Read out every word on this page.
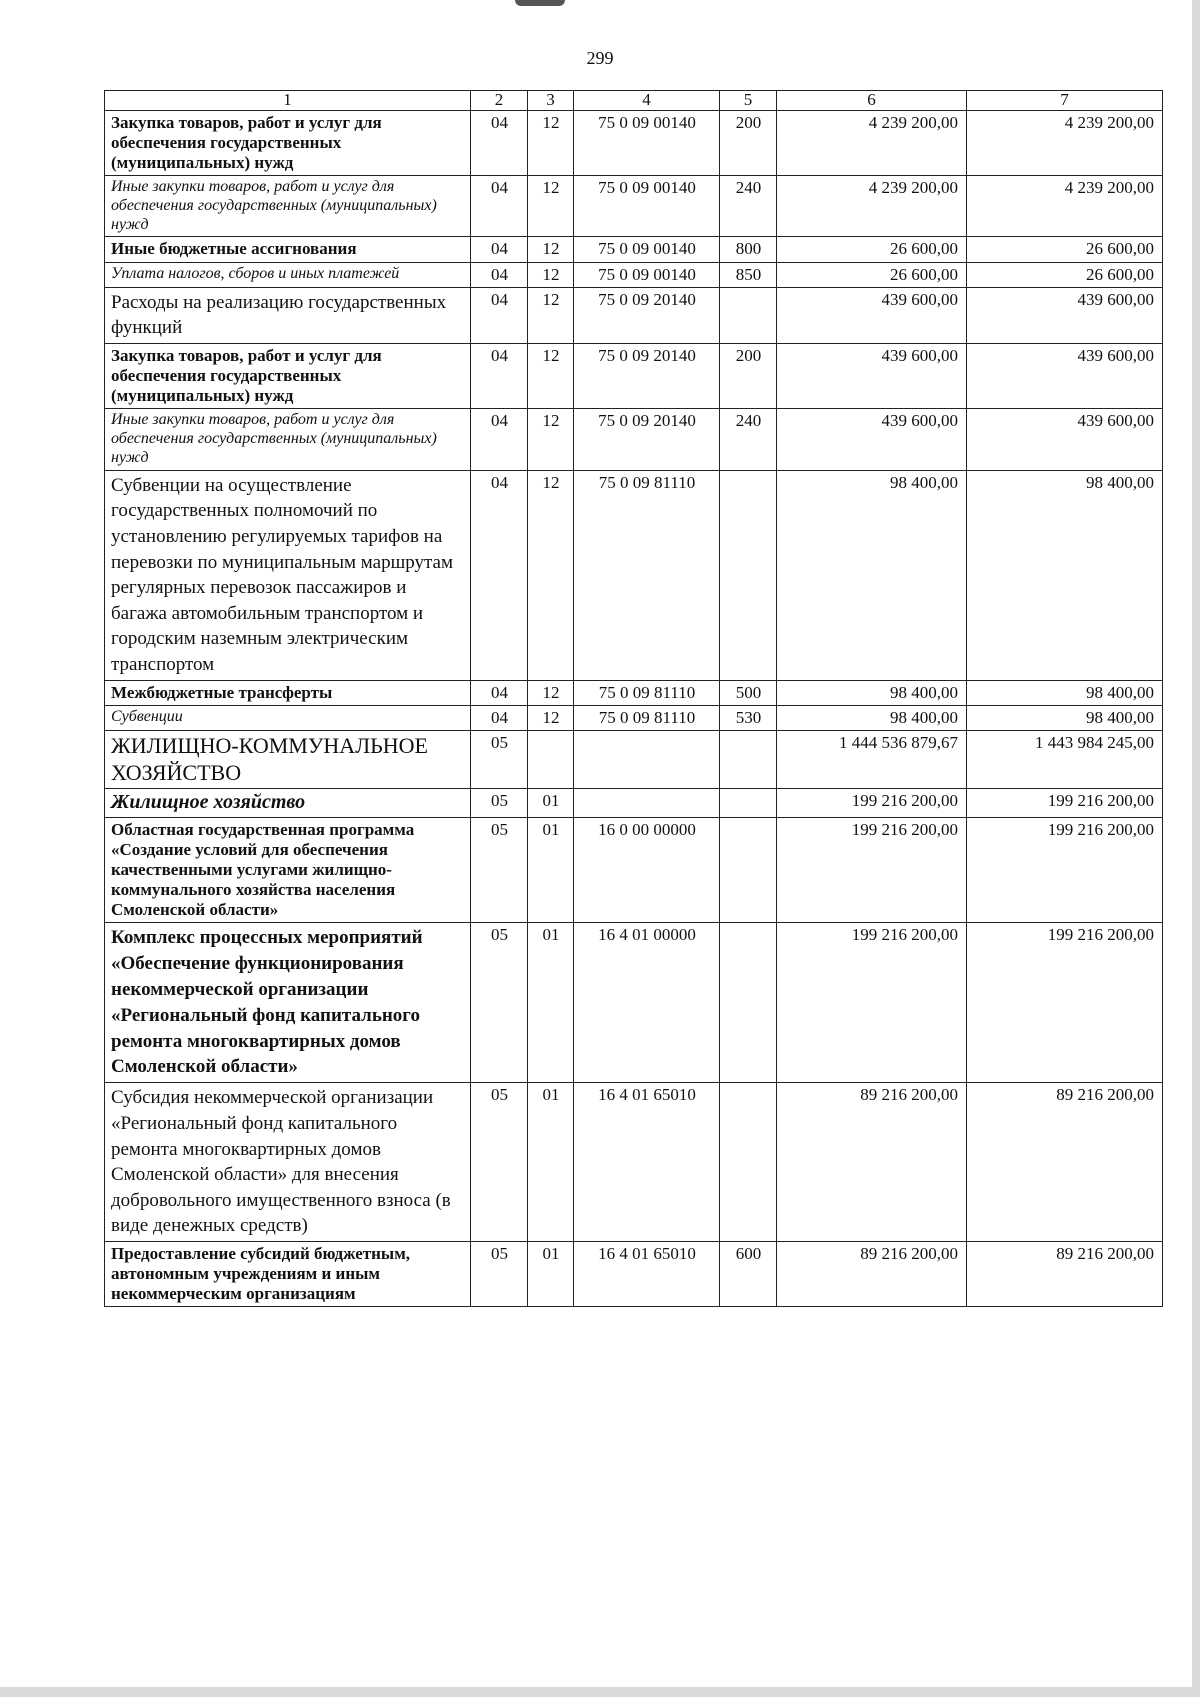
299
1	2	3	4	5	6	7
Закупка товаров, работ и услуг для обеспечения государственных (муниципальных) нужд	04	12	75 0 09 00140	200	4 239 200,00	4 239 200,00
Иные закупки товаров, работ и услуг для обеспечения государственных (муниципальных) нужд	04	12	75 0 09 00140	240	4 239 200,00	4 239 200,00
Иные бюджетные ассигнования	04	12	75 0 09 00140	800	26 600,00	26 600,00
Уплата налогов, сборов и иных платежей	04	12	75 0 09 00140	850	26 600,00	26 600,00
Расходы на реализацию государственных функций	04	12	75 0 09 20140		439 600,00	439 600,00
Закупка товаров, работ и услуг для обеспечения государственных (муниципальных) нужд	04	12	75 0 09 20140	200	439 600,00	439 600,00
Иные закупки товаров, работ и услуг для обеспечения государственных (муниципальных) нужд	04	12	75 0 09 20140	240	439 600,00	439 600,00
Субвенции на осуществление государственных полномочий по установлению регулируемых тарифов на перевозки по муниципальным маршрутам регулярных перевозок пассажиров и багажа автомобильным транспортом и городским наземным электрическим транспортом	04	12	75 0 09 81110		98 400,00	98 400,00
Межбюджетные трансферты	04	12	75 0 09 81110	500	98 400,00	98 400,00
Субвенции	04	12	75 0 09 81110	530	98 400,00	98 400,00
ЖИЛИЩНО-КОММУНАЛЬНОЕ ХОЗЯЙСТВО	05				1 444 536 879,67	1 443 984 245,00
Жилищное хозяйство	05	01			199 216 200,00	199 216 200,00
Областная государственная программа «Создание условий для обеспечения качественными услугами жилищно-коммунального хозяйства населения Смоленской области»	05	01	16 0 00 00000		199 216 200,00	199 216 200,00
Комплекс процессных мероприятий «Обеспечение функционирования некоммерческой организации «Региональный фонд капитального ремонта многоквартирных домов Смоленской области»	05	01	16 4 01 00000		199 216 200,00	199 216 200,00
Субсидия некоммерческой организации «Региональный фонд капитального ремонта многоквартирных домов Смоленской области» для внесения добровольного имущественного взноса (в виде денежных средств)	05	01	16 4 01 65010		89 216 200,00	89 216 200,00
Предоставление субсидий бюджетным, автономным учреждениям и иным некоммерческим организациям	05	01	16 4 01 65010	600	89 216 200,00	89 216 200,00
